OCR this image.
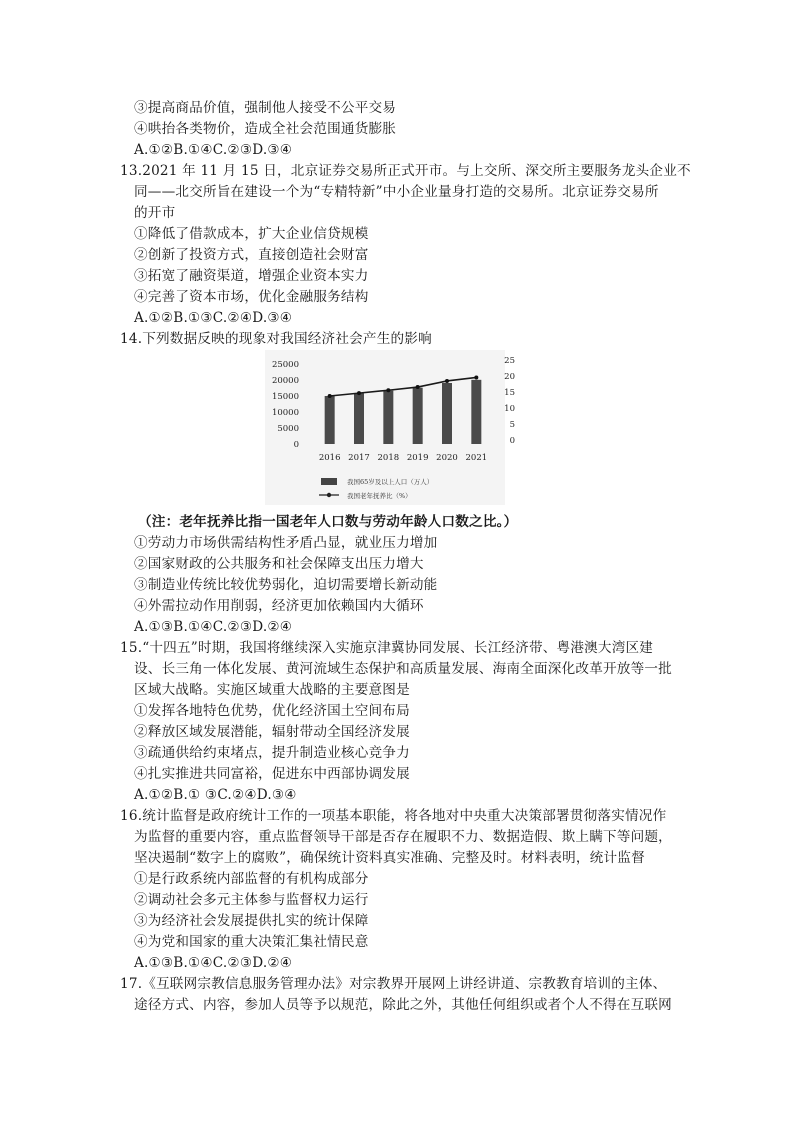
③提高商品价值，强制他人接受不公平交易
④哄抬各类物价，造成全社会范围通货膨胀
A.①②B.①④C.②③D.③④
13.2021 年 11 月 15 日，北京证券交易所正式开市。与上交所、深交所主要服务龙头企业不
同——北交所旨在建设一个为“专精特新”中小企业量身打造的交易所。北京证券交易所
的开市
①降低了借款成本，扩大企业信贷规模
②创新了投资方式，直接创造社会财富
③拓宽了融资渠道，增强企业资本实力
④完善了资本市场，优化金融服务结构
A.①②B.①③C.②④D.③④
14.下列数据反映的现象对我国经济社会产生的影响
25000
20000
15000
10000
5000
0
25
20
15
10
5
0
2016 2017 2018 2019 2020 2021
我国65岁及以上人口（万人）
我国老年抚养比（%）
（注：老年抚养比指一国老年人口数与劳动年龄人口数之比。）
①劳动力市场供需结构性矛盾凸显，就业压力增加
②国家财政的公共服务和社会保障支出压力增大
③制造业传统比较优势弱化，迫切需要增长新动能
④外需拉动作用削弱，经济更加依赖国内大循环
A.①③B.①④C.②③D.②④
15.“十四五”时期，我国将继续深入实施京津冀协同发展、长江经济带、粤港澳大湾区建
设、长三角一体化发展、黄河流域生态保护和高质量发展、海南全面深化改革开放等一批
区域大战略。实施区域重大战略的主要意图是
①发挥各地特色优势，优化经济国土空间布局
②释放区域发展潜能，辐射带动全国经济发展
③疏通供给约束堵点，提升制造业核心竞争力
④扎实推进共同富裕，促进东中西部协调发展
A.①②B.① ③C.②④D.③④
16.统计监督是政府统计工作的一项基本职能，将各地对中央重大决策部署贯彻落实情况作
为监督的重要内容，重点监督领导干部是否存在履职不力、数据造假、欺上瞒下等问题，
坚决遏制“数字上的腐败”，确保统计资料真实准确、完整及时。材料表明，统计监督
①是行政系统内部监督的有机构成部分
②调动社会多元主体参与监督权力运行
③为经济社会发展提供扎实的统计保障
④为党和国家的重大决策汇集社情民意
A.①③B.①④C.②③D.②④
17.《互联网宗教信息服务管理办法》对宗教界开展网上讲经讲道、宗教教育培训的主体、
途径方式、内容，参加人员等予以规范，除此之外，其他任何组织或者个人不得在互联网
